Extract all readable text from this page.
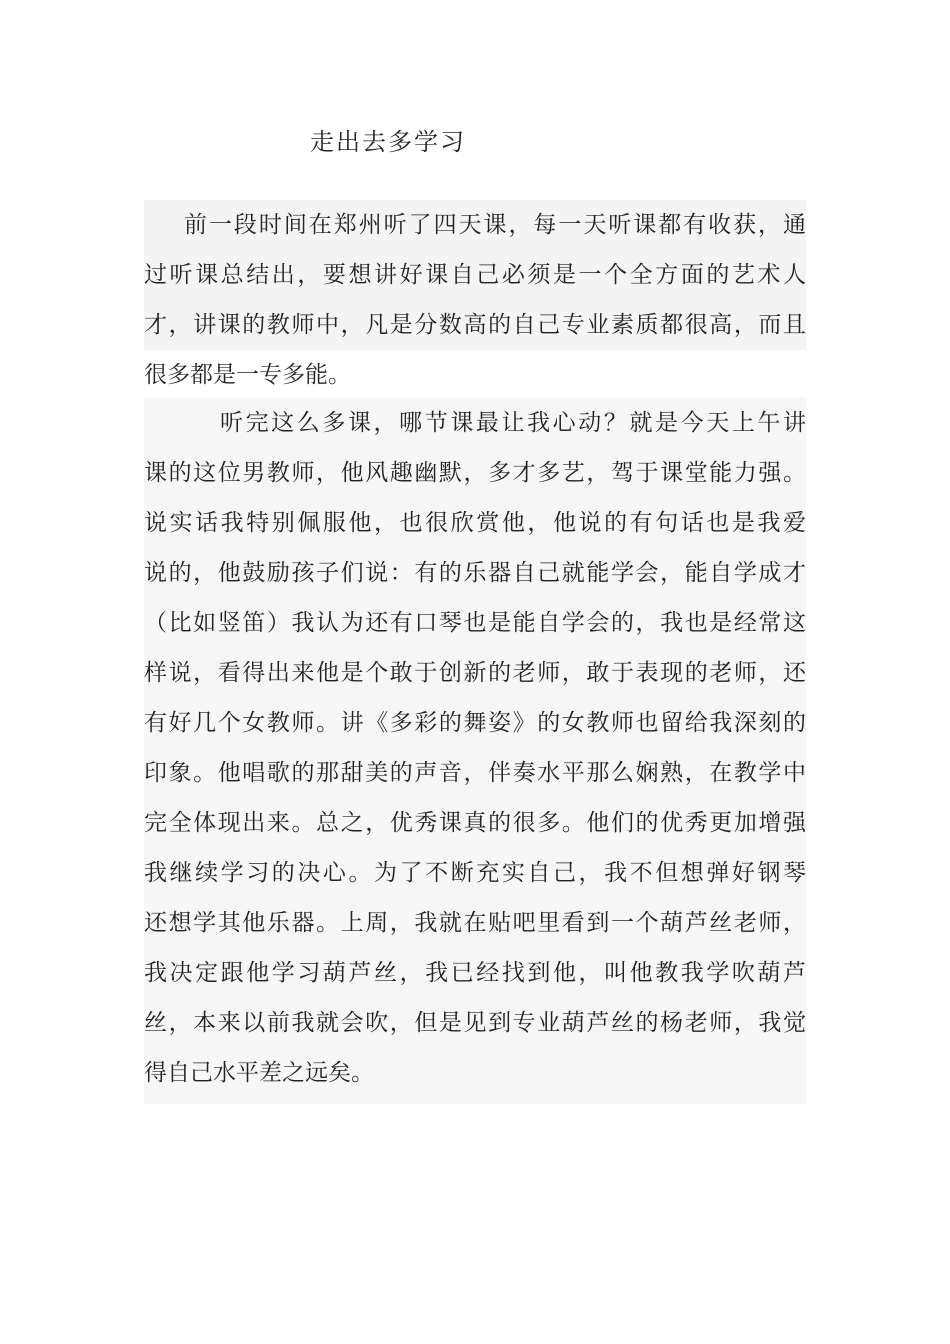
走出去多学习
前一段时间在郑州听了四天课，每一天听课都有收获，通
过听课总结出，要想讲好课自己必须是一个全方面的艺术人
才，讲课的教师中，凡是分数高的自己专业素质都很高，而且
很多都是一专多能。
听完这么多课，哪节课最让我心动？就是今天上午讲
课的这位男教师，他风趣幽默，多才多艺，驾于课堂能力强。
说实话我特别佩服他，也很欣赏他，他说的有句话也是我爱
说的，他鼓励孩子们说：有的乐器自己就能学会，能自学成才
（比如竖笛）我认为还有口琴也是能自学会的，我也是经常这
样说，看得出来他是个敢于创新的老师，敢于表现的老师，还
有好几个女教师。讲《多彩的舞姿》的女教师也留给我深刻的
印象。他唱歌的那甜美的声音，伴奏水平那么娴熟，在教学中
完全体现出来。总之，优秀课真的很多。他们的优秀更加增强
我继续学习的决心。为了不断充实自己，我不但想弹好钢琴
还想学其他乐器。上周，我就在贴吧里看到一个葫芦丝老师，
我决定跟他学习葫芦丝，我已经找到他，叫他教我学吹葫芦
丝，本来以前我就会吹，但是见到专业葫芦丝的杨老师，我觉
得自己水平差之远矣。
